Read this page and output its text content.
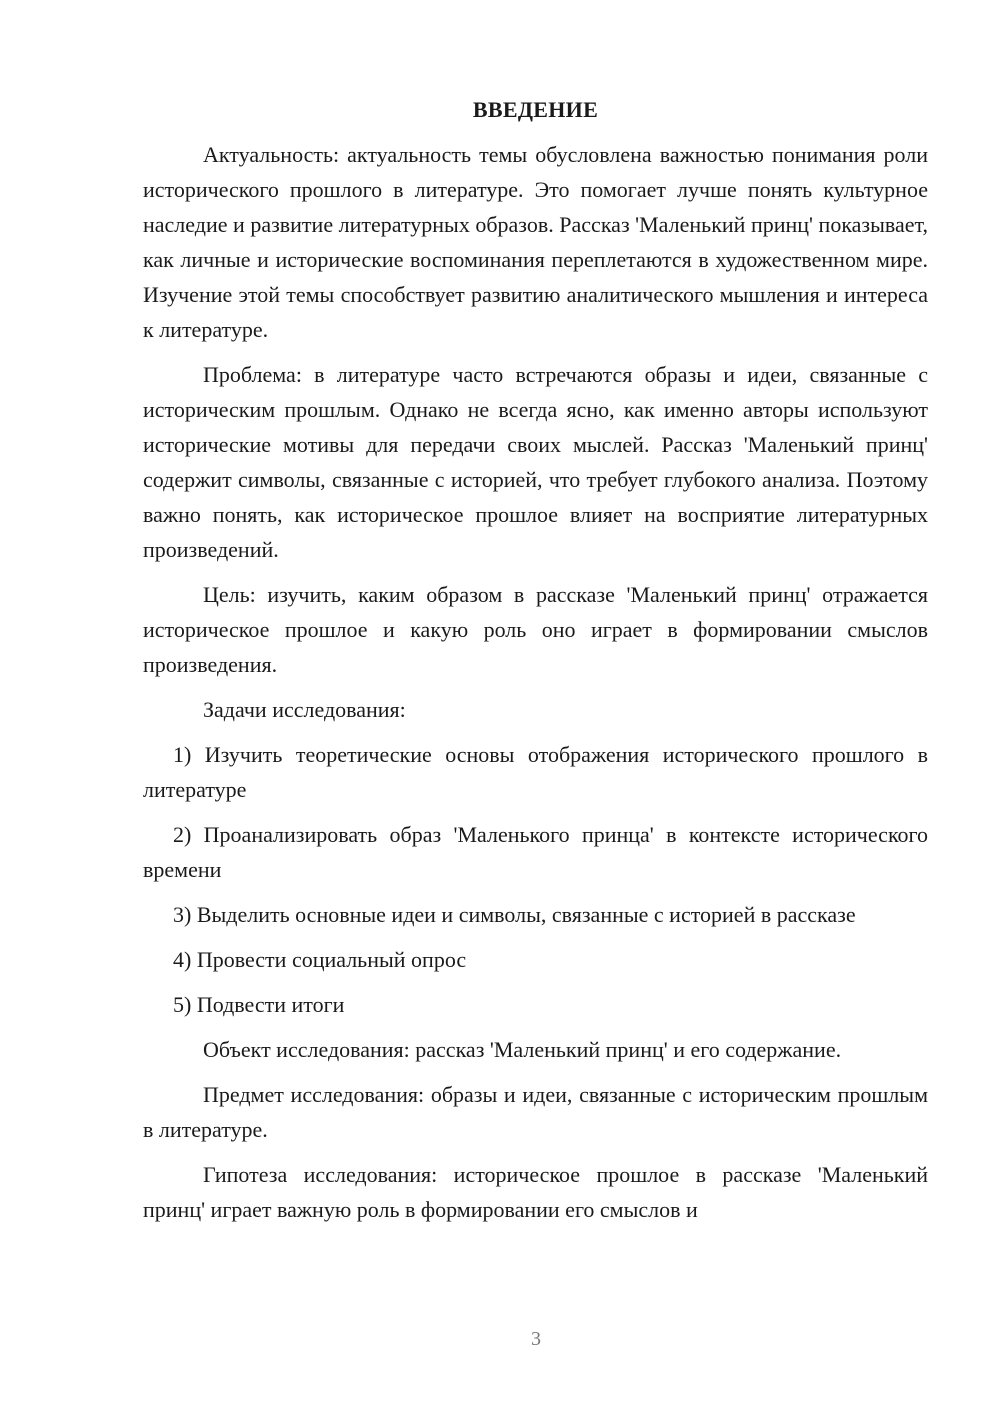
ВВЕДЕНИЕ

Актуальность: актуальность темы обусловлена важностью понимания роли исторического прошлого в литературе. Это помогает лучше понять культурное наследие и развитие литературных образов. Рассказ 'Маленький принц' показывает, как личные и исторические воспоминания переплетаются в художественном мире. Изучение этой темы способствует развитию аналитического мышления и интереса к литературе.

Проблема: в литературе часто встречаются образы и идеи, связанные с историческим прошлым. Однако не всегда ясно, как именно авторы используют исторические мотивы для передачи своих мыслей. Рассказ 'Маленький принц' содержит символы, связанные с историей, что требует глубокого анализа. Поэтому важно понять, как историческое прошлое влияет на восприятие литературных произведений.

Цель: изучить, каким образом в рассказе 'Маленький принц' отражается историческое прошлое и какую роль оно играет в формировании смыслов произведения.

Задачи исследования:

1) Изучить теоретические основы отображения исторического прошлого в литературе

2) Проанализировать образ 'Маленького принца' в контексте исторического времени

3) Выделить основные идеи и символы, связанные с историей в рассказе

4) Провести социальный опрос

5) Подвести итоги

Объект исследования: рассказ 'Маленький принц' и его содержание.

Предмет исследования: образы и идеи, связанные с историческим прошлым в литературе.

Гипотеза исследования: историческое прошлое в рассказе 'Маленький принц' играет важную роль в формировании его смыслов и

3
